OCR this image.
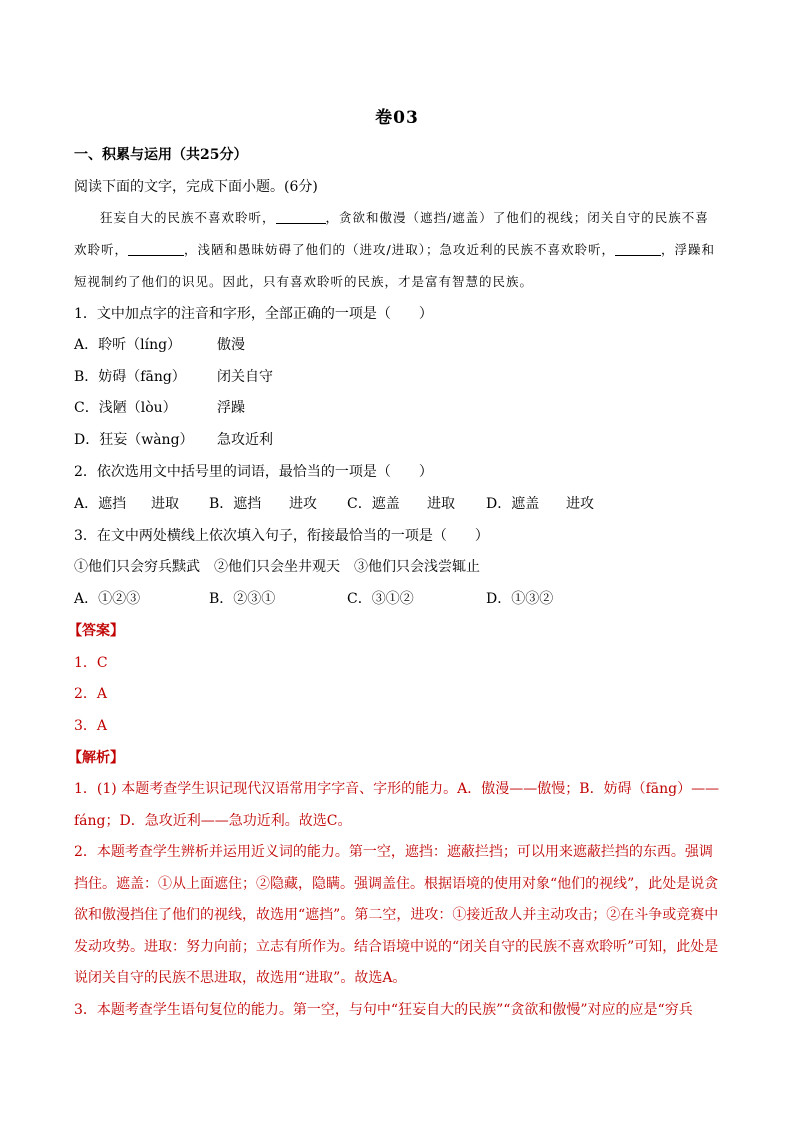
卷03
一、积累与运用（共25分）
阅读下面的文字，完成下面小题。(6分)
狂妄自大的民族不喜欢聆听，	，贪欲和傲漫（遮挡/遮盖）了他们的视线；闭关自守的民族不喜欢聆听，	，浅陋和愚昧妨碍了他们的（进攻/进取）；急攻近利的民族不喜欢聆听，	，浮躁和短视制约了他们的识见。因此，只有喜欢聆听的民族，才是富有智慧的民族。
1．文中加点字的注音和字形，全部正确的一项是（　　）
A．聆听（líng）	傲漫
B．妨碍（fāng） 闭关自守
C．浅陋（lòu）	浮躁
D．狂妄（wàng） 急攻近利
2．依次选用文中括号里的词语，最恰当的一项是（　　）
A．遮挡 进取 B．遮挡 进攻 C．遮盖 进取 D．遮盖 进攻
3．在文中两处横线上依次填入句子，衔接最恰当的一项是（　　）
①他们只会穷兵黩武　②他们只会坐井观天　③他们只会浅尝辄止
A．①②③	B．②③①	C．③①②	D．①③②
【答案】
1．C
2．A
3．A
【解析】
1．(1) 本题考查学生识记现代汉语常用字字音、字形的能力。A．傲漫——傲慢；B．妨碍（fāng）——fáng；D．急攻近利——急功近利。故选C。
2．本题考查学生辨析并运用近义词的能力。第一空，遮挡：遮蔽拦挡；可以用来遮蔽拦挡的东西。强调挡住。遮盖：①从上面遮住；②隐藏，隐瞒。强调盖住。根据语境的使用对象“他们的视线”，此处是说贪欲和傲漫挡住了他们的视线，故选用“遮挡”。第二空，进攻：①接近敌人并主动攻击；②在斗争或竞赛中发动攻势。进取：努力向前；立志有所作为。结合语境中说的“闭关自守的民族不喜欢聆听”可知，此处是说闭关自守的民族不思进取，故选用“进取”。故选A。
3．本题考查学生语句复位的能力。第一空，与句中“狂妄自大的民族”“贪欲和傲慢”对应的应是“穷兵
